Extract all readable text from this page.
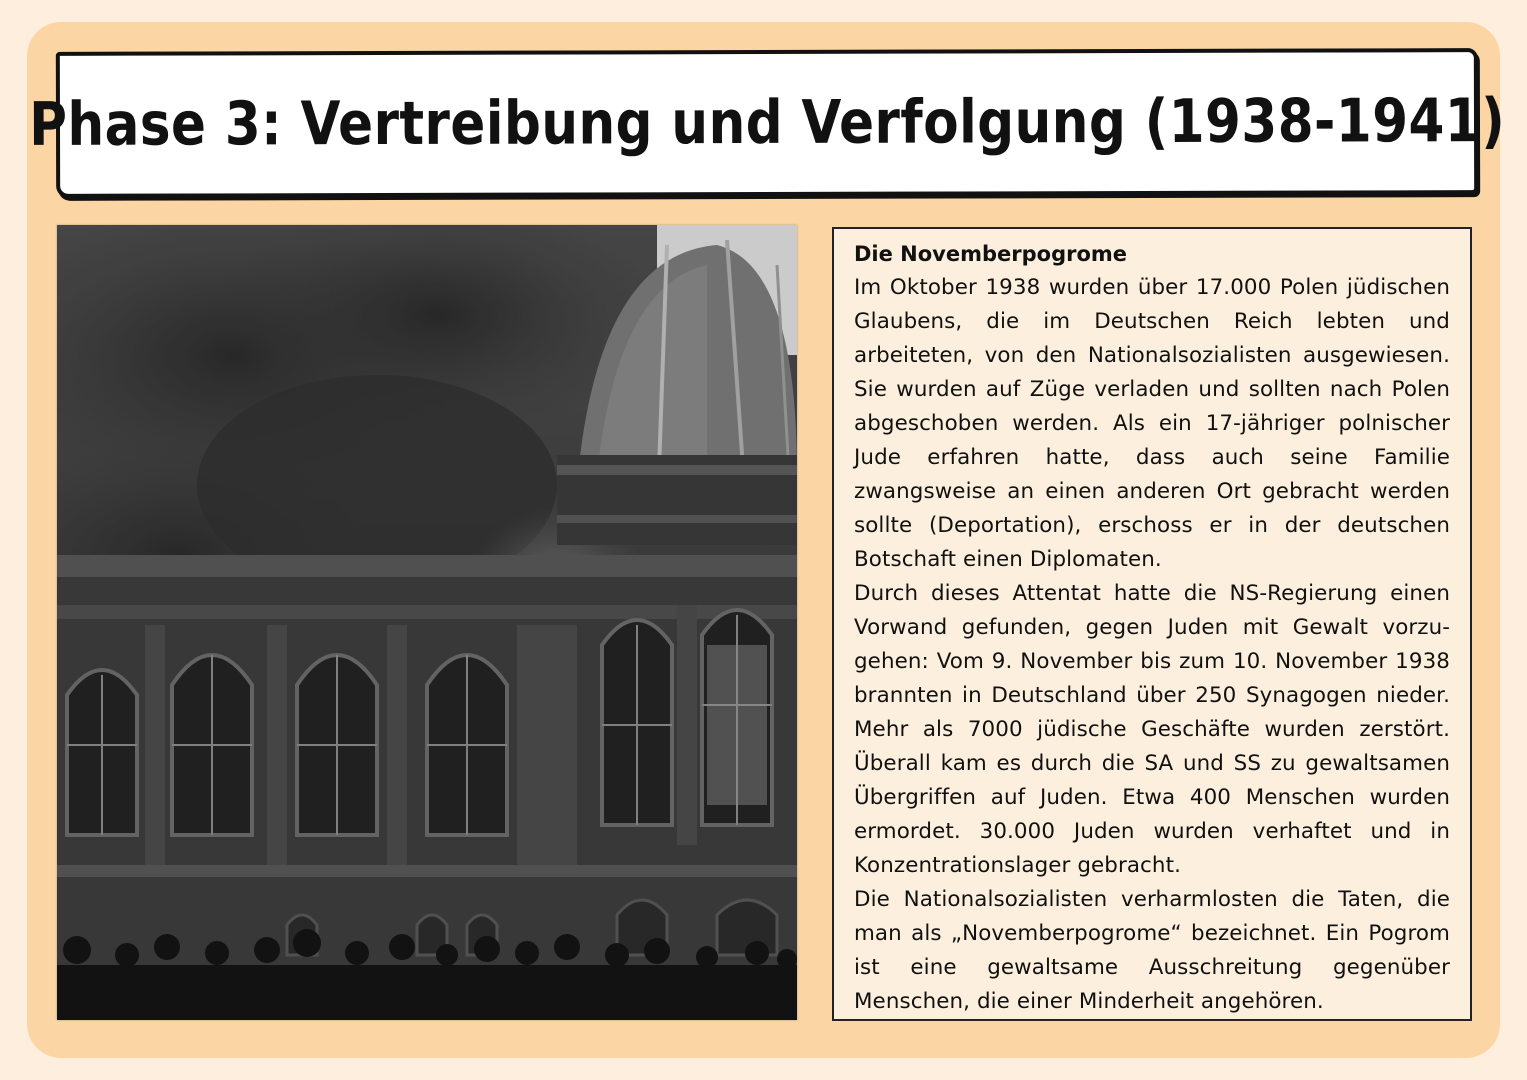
Phase 3: Vertreibung und Verfolgung (1938-1941)
Die Novemberpogrome

Im Oktober 1938 wurden über 17.000 Polen jüdischen Glaubens, die im Deutschen Reich lebten und arbeiteten, von den Nationalsozialisten ausgewiesen. Sie wurden auf Züge verladen und sollten nach Polen abgeschoben werden. Als ein 17-jähriger polnischer Jude erfahren hatte, dass auch seine Familie zwangsweise an einen anderen Ort gebracht werden sollte (Deportation), erschoss er in der deutschen Botschaft einen Diplomaten.

Durch dieses Attentat hatte die NS-Regierung einen Vorwand gefunden, gegen Juden mit Gewalt vorzugehen: Vom 9. November bis zum 10. November 1938 brannten in Deutschland über 250 Synagogen nieder. Mehr als 7000 jüdische Geschäfte wurden zerstört. Überall kam es durch die SA und SS zu gewaltsamen Übergriffen auf Juden. Etwa 400 Menschen wurden ermordet. 30.000 Juden wurden verhaftet und in Konzentrationslager gebracht.

Die Nationalsozialisten verharmlosten die Taten, die man als „Novemberpogrome“ bezeichnet. Ein Pogrom ist eine gewaltsame Ausschreitung gegenüber Menschen, die einer Minderheit angehören.
